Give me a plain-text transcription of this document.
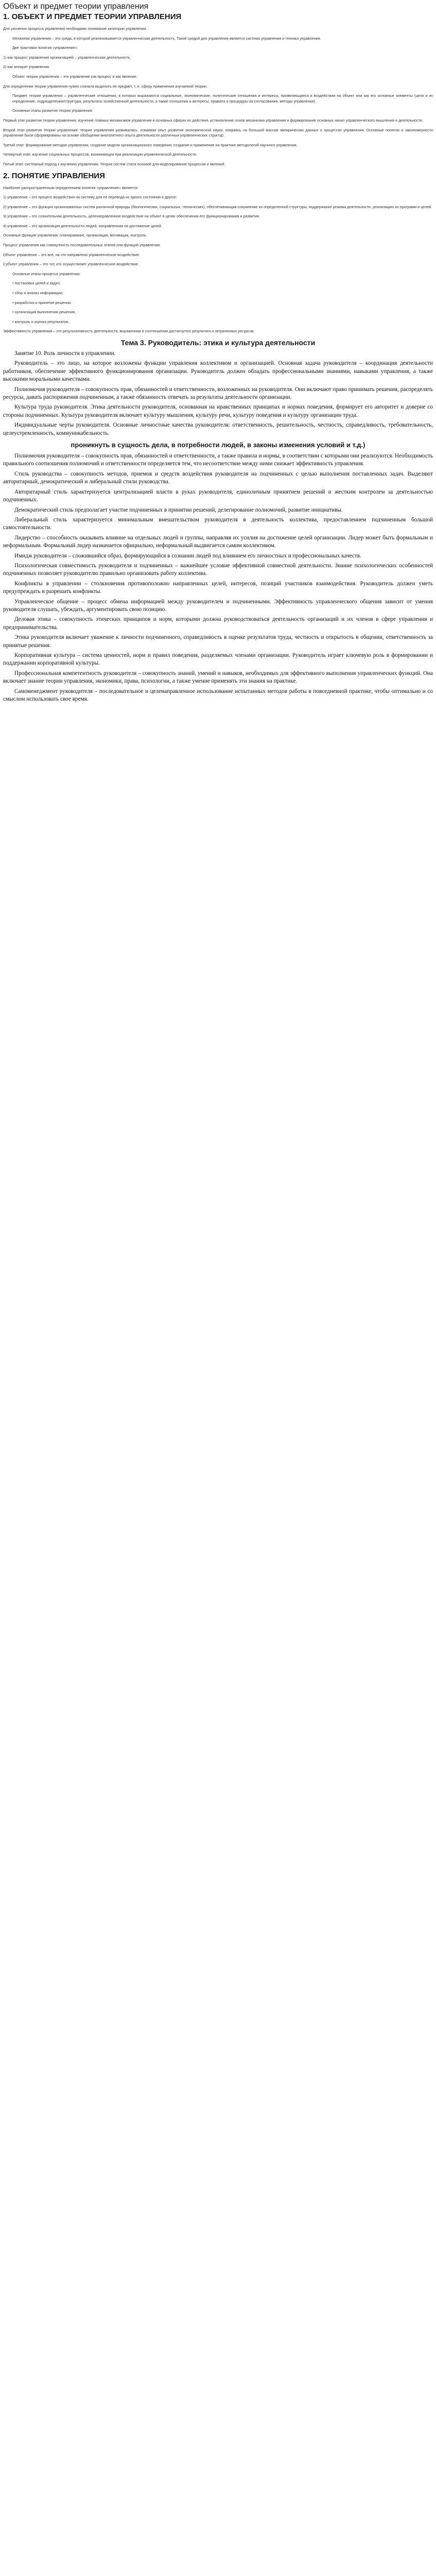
Объект и предмет теории управления
1. ОБЪЕКТ И ПРЕДМЕТ ТЕОРИИ УПРАВЛЕНИЯ

Для уяснения процесса управления необходимо понимание категории управления.

Механизм управления – это среда, в которой реализовывается управленческая деятельность. Такой средой для управления является система управления и техника управления.

Две трактовки понятия «управление»:

1) как процесс управления организацией – управленческая деятельность;

2) как аппарат управления.

Объект теории управления – это управление как процесс и как явление.

Для определения теории управления нужно сначала выделить ее предмет, т. е. сферу применения изучаемой теории.

Предмет теории управления – управленческие отношения, в которых выражаются социальные, экономические, политические отношения и интересы, проявляющиеся в воздействии на объект или как его основные элементы (цели и их определение, подразделения/структура, результаты хозяйственной деятельности, а также отношения и интересы, правила и процедуры их согласования, методы управления).

Основные этапы развития теории управления:

Первый этап развития теории управления: изучение главных механизмов управления в основных сферах их действия, установление основ механизма управления и формирование основных начал управленческого мышления и деятельности.

Второй этап развития теории управления: теория управления развивалась, осваивая опыт развития экономической науки, опираясь на большой массив эмпирических данных о процессах управления. Основные понятия и закономерности управления были сформированы на основе обобщения многолетнего опыта деятельности различных управленческих структур.

Третий этап: формирование методов управления; создание модели организационного поведения; создание и применение на практике методологий научного управления.

Четвертый этап: изучение социальных процессов, возникающих при реализации управленческой деятельности.

Пятый этап: системный подход к изучению управления. Теория систем стала основой для моделирования процессов и явлений.

2. ПОНЯТИЕ УПРАВЛЕНИЯ

Наиболее распространенным определением понятия «управление» является:

1) управление – это процесс воздействия на систему для ее перевода из одного состояния в другое;

2) управление – это функция организованных систем различной природы (биологических, социальных, технических), обеспечивающая сохранение их определенной структуры, поддержание режима деятельности, реализацию их программ и целей.

3) управление – это сознательная деятельность, целенаправленное воздействие на объект в целях обеспечения его функционирования и развития.

4) управление – это организация деятельности людей, направленная на достижение целей.

Основные функции управления: планирование, организация, мотивация, контроль.

Процесс управления как совокупность последовательных этапов или функций управления.

Объект управления – это всё, на что направлено управленческое воздействие.

Субъект управления – это тот, кто осуществляет управленческое воздействие.

Основные этапы процесса управления:

• постановка целей и задач;

• сбор и анализ информации;

• разработка и принятие решения;

• организация выполнения решения;

• контроль и оценка результатов.

Эффективность управления – это результативность деятельности, выраженная в соотношении достигнутого результата и затраченных ресурсов.

Тема 3. Руководитель: этика и культура деятельности

Занятие 10. Роль личности в управлении.

Руководитель – это лицо, на которое возложены функции управления коллективом и организацией. Основная задача руководителя – координация деятельности работников, обеспечение эффективного функционирования организации. Руководитель должен обладать профессиональными знаниями, навыками управления, а также высокими моральными качествами.

Полномочия руководителя – совокупность прав, обязанностей и ответственности, возложенных на руководителя. Они включают право принимать решения, распределять ресурсы, давать распоряжения подчиненным, а также обязанность отвечать за результаты деятельности организации.

Культура труда руководителя. Этика деятельности руководителя, основанная на нравственных принципах и нормах поведения, формирует его авторитет и доверие со стороны подчиненных. Культура руководителя включает культуру мышления, культуру речи, культуру поведения и культуру организации труда.

Индивидуальные черты руководителя. Основные личностные качества руководителя: ответственность, решительность, честность, справедливость, требовательность, целеустремленность, коммуникабельность.

проникнуть в сущность дела, в потребности людей, в законы изменения условий и т.д.)

Полномочия руководителя – совокупность прав, обязанностей и ответственности, а также правила и нормы, в соответствии с которыми они реализуются. Необходимость правильного соотношения полномочий и ответственности определяется тем, что несоответствие между ними снижает эффективность управления.

Стиль руководства – совокупность методов, приемов и средств воздействия руководителя на подчиненных с целью выполнения поставленных задач. Выделяют авторитарный, демократический и либеральный стили руководства.

Авторитарный стиль характеризуется централизацией власти в руках руководителя, единоличным принятием решений и жестким контролем за деятельностью подчиненных.

Демократический стиль предполагает участие подчиненных в принятии решений, делегирование полномочий, развитие инициативы.

Либеральный стиль характеризуется минимальным вмешательством руководителя в деятельность коллектива, предоставлением подчиненным большой самостоятельности.

Лидерство – способность оказывать влияние на отдельных людей и группы, направляя их усилия на достижение целей организации. Лидер может быть формальным и неформальным. Формальный лидер назначается официально, неформальный выдвигается самим коллективом.

Имидж руководителя – сложившийся образ, формирующийся в сознании людей под влиянием его личностных и профессиональных качеств.

Психологическая совместимость руководителя и подчиненных – важнейшее условие эффективной совместной деятельности. Знание психологических особенностей подчиненных позволяет руководителю правильно организовать работу коллектива.

Конфликты в управлении – столкновения противоположно направленных целей, интересов, позиций участников взаимодействия. Руководитель должен уметь предупреждать и разрешать конфликты.

Управленческое общение – процесс обмена информацией между руководителем и подчиненными. Эффективность управленческого общения зависит от умения руководителя слушать, убеждать, аргументировать свою позицию.

Деловая этика – совокупность этических принципов и норм, которыми должна руководствоваться деятельность организаций и их членов в сфере управления и предпринимательства.

Этика руководителя включает уважение к личности подчиненного, справедливость в оценке результатов труда, честность и открытость в общении, ответственность за принятые решения.

Корпоративная культура – система ценностей, норм и правил поведения, разделяемых членами организации. Руководитель играет ключевую роль в формировании и поддержании корпоративной культуры.

Профессиональная компетентность руководителя – совокупность знаний, умений и навыков, необходимых для эффективного выполнения управленческих функций. Она включает знание теории управления, экономики, права, психологии, а также умение применять эти знания на практике.

Самоменеджмент руководителя – последовательное и целенаправленное использование испытанных методов работы в повседневной практике, чтобы оптимально и со смыслом использовать свое время.
